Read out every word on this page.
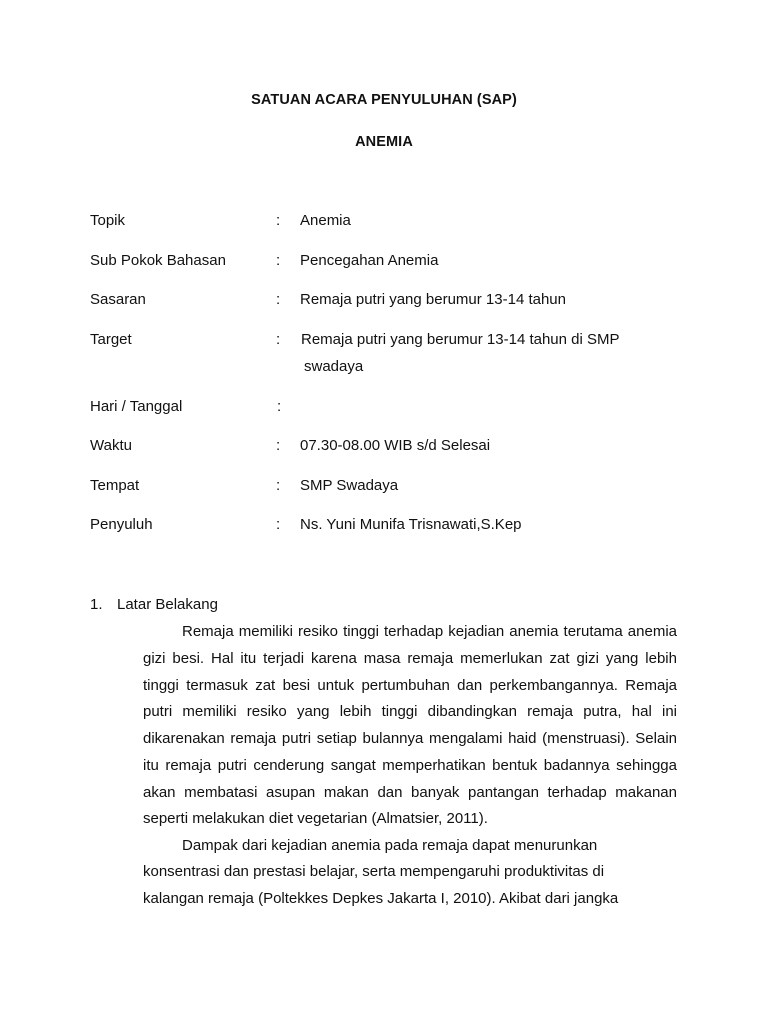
SATUAN ACARA PENYULUHAN (SAP)
ANEMIA
Topik	: Anemia
Sub Pokok Bahasan	: Pencegahan Anemia
Sasaran	: Remaja putri yang berumur 13-14 tahun
Target	: Remaja putri yang berumur 13-14 tahun di SMP
swadaya
Hari / Tanggal	:
Waktu	: 07.30-08.00 WIB s/d Selesai
Tempat	: SMP Swadaya
Penyuluh	: Ns. Yuni Munifa Trisnawati,S.Kep
1. Latar Belakang
Remaja memiliki resiko tinggi terhadap kejadian anemia terutama anemia
gizi besi. Hal itu terjadi karena masa remaja memerlukan zat gizi yang lebih
tinggi termasuk zat besi untuk pertumbuhan dan perkembangannya. Remaja
putri memiliki resiko yang lebih tinggi dibandingkan remaja putra, hal ini
dikarenakan remaja putri setiap bulannya mengalami haid (menstruasi). Selain
itu remaja putri cenderung sangat memperhatikan bentuk badannya sehingga
akan membatasi asupan makan dan banyak pantangan terhadap makanan
seperti melakukan diet vegetarian (Almatsier, 2011).
Dampak dari kejadian anemia pada remaja dapat menurunkan
konsentrasi dan prestasi belajar, serta mempengaruhi produktivitas di
kalangan remaja (Poltekkes Depkes Jakarta I, 2010). Akibat dari jangka
